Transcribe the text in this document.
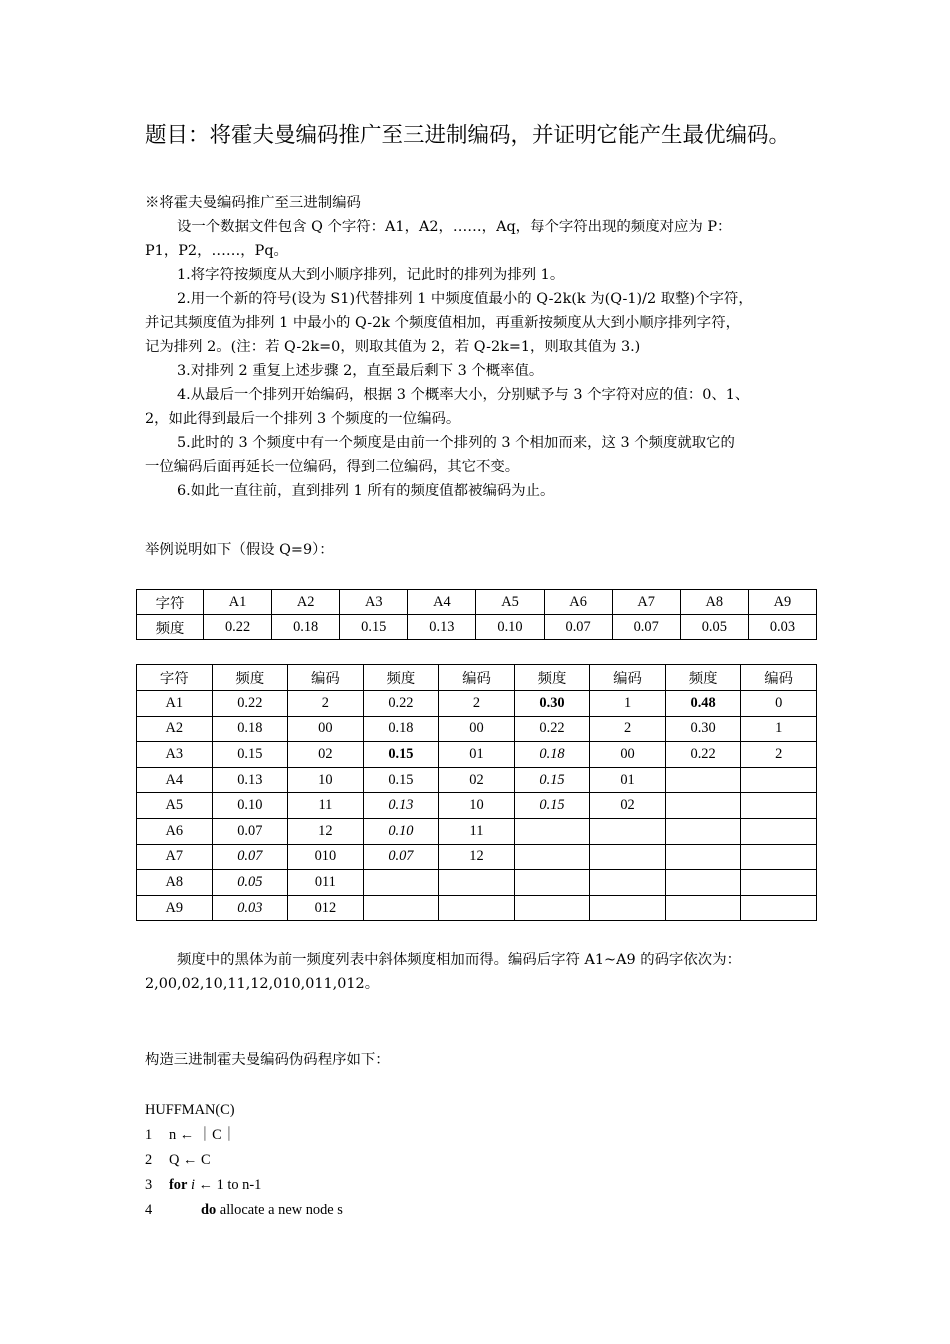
题目：将霍夫曼编码推广至三进制编码，并证明它能产生最优编码。
※将霍夫曼编码推广至三进制编码
设一个数据文件包含 Q 个字符：A1，A2，……，Aq，每个字符出现的频度对应为 P：
P1，P2，……，Pq。
1.将字符按频度从大到小顺序排列，记此时的排列为排列 1。
2.用一个新的符号(设为 S1)代替排列 1 中频度值最小的 Q-2k(k 为(Q-1)/2 取整)个字符，
并记其频度值为排列 1 中最小的 Q-2k 个频度值相加，再重新按频度从大到小顺序排列字符，
记为排列 2。(注：若 Q-2k=0，则取其值为 2，若 Q-2k=1，则取其值为 3.)
3.对排列 2 重复上述步骤 2，直至最后剩下 3 个概率值。
4.从最后一个排列开始编码，根据 3 个概率大小，分别赋予与 3 个字符对应的值：0、1、
2，如此得到最后一个排列 3 个频度的一位编码。
5.此时的 3 个频度中有一个频度是由前一个排列的 3 个相加而来，这 3 个频度就取它的
一位编码后面再延长一位编码，得到二位编码，其它不变。
6.如此一直往前，直到排列 1 所有的频度值都被编码为止。
举例说明如下（假设 Q=9）：
字符	A1	A2	A3	A4	A5	A6	A7	A8	A9
频度	0.22	0.18	0.15	0.13	0.10	0.07	0.07	0.05	0.03
字符	频度	编码	频度	编码	频度	编码	频度	编码
A1	0.22	2	0.22	2	0.30	1	0.48	0
A2	0.18	00	0.18	00	0.22	2	0.30	1
A3	0.15	02	0.15	01	0.18	00	0.22	2
A4	0.13	10	0.15	02	0.15	01		
A5	0.10	11	0.13	10	0.15	02		
A6	0.07	12	0.10	11				
A7	0.07	010	0.07	12				
A8	0.05	011						
A9	0.03	012						
频度中的黑体为前一频度列表中斜体频度相加而得。编码后字符 A1~A9 的码字依次为：
2,00,02,10,11,12,010,011,012。
构造三进制霍夫曼编码伪码程序如下：
HUFFMAN(C)
1 n ← ｜C｜
2 Q ← C
3 for i ← 1 to n-1
4	do allocate a new node s
